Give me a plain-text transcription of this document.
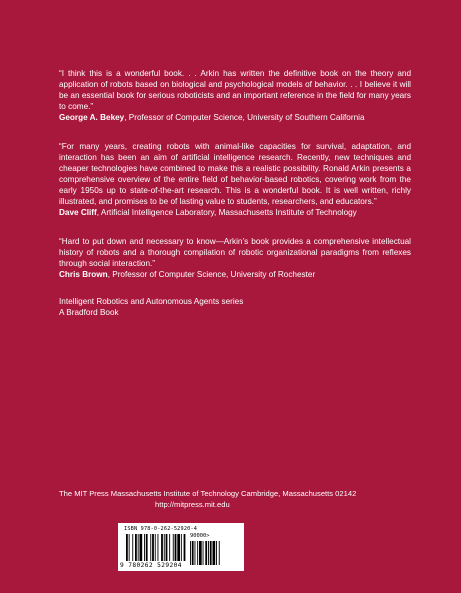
“I think this is a wonderful book. . . Arkin has written the definitive book on the theory and application of robots based on biological and psychological models of behavior. . . I believe it will be an essential book for serious roboticists and an important reference in the field for many years to come.”

George A. Bekey, Professor of Computer Science, University of Southern California

“For many years, creating robots with animal-like capacities for survival, adaptation, and interaction has been an aim of artificial intelligence research. Recently, new techniques and cheaper technologies have combined to make this a realistic possibility. Ronald Arkin presents a comprehensive overview of the entire field of behavior-based robotics, covering work from the early 1950s up to state-of-the-art research. This is a wonderful book. It is well written, richly illustrated, and promises to be of lasting value to students, researchers, and educators.”

Dave Cliff, Artificial Intelligence Laboratory, Massachusetts Institute of Technology

“Hard to put down and necessary to know—Arkin’s book provides a comprehensive intellectual history of robots and a thorough compilation of robotic organizational paradigms from reflexes through social interaction.”

Chris Brown, Professor of Computer Science, University of Rochester
Intelligent Robotics and Autonomous Agents series
A Bradford Book
The MIT Press Massachusetts Institute of Technology Cambridge, Massachusetts 02142
http://mitpress.mit.edu
ISBN 978-0-262-52920-4
90000>
9 780262 529204
